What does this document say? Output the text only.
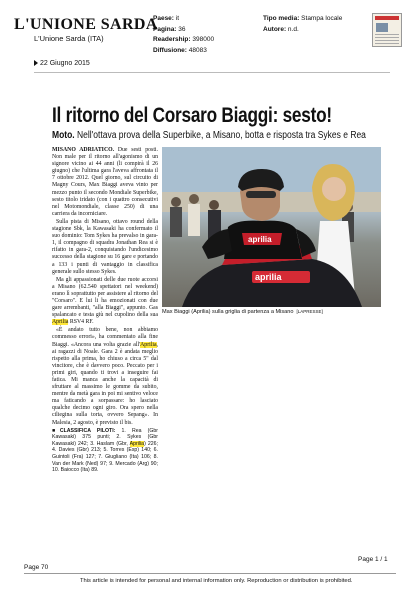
L'UNIONE SARDA
L'Unione Sarda (ITA)
Paese: it
Pagina: 36
Readership: 398000
Diffusione: 48083
Tipo media: Stampa locale
Autore: n.d.
22 Giugno 2015
Il ritorno del Corsaro Biaggi: sesto!
Moto. Nell'ottava prova della Superbike, a Misano, botta e risposta tra Sykes e Rea

MISANO ADRIATICO. Due sesti posti. Non male per il ritorno all'agonismo di un signore vicino ai 44 anni (li compirà il 26 giugno) che l'ultima gara l'aveva affrontata il 7 ottobre 2012. Quel giorno, sul circuito di Magny Cours, Max Biaggi aveva vinto per mezzo punto il secondo Mondiale Superbike, sesto titolo iridato (con i quattro consecutivi nel Motomondiale, classe 250) di una carriera da incorniciare.

Sulla pista di Misano, ottavo round della stagione Sbk, la Kawasaki ha confermato il suo dominio: Tom Sykes ha prevalso in gara-1, il compagno di squadra Jonathan Rea si è rifatto in gara-2, conquistando l'undicesimo successo della stagione su 16 gare e portando a 133 i punti di vantaggio in classifica generale sullo stesso Sykes.

Ma gli appassionati delle due ruote accorsi a Misano (62.540 spettatori nel weekend) erano lì soprattutto per assistere al ritorno del "Corsaro". E lui li ha emozionati con due gare arrembanti, "alla Biaggi", appunto. Gas spalancato e testa giù nel cupolino della sua Aprilia RSV4 RF.

«È andato tutto bene, non abbiamo commesso errori», ha commentato alla fine Biaggi. «Ancora una volta grazie all'Aprilia, ai ragazzi di Noale. Gara 2 è andata meglio rispetto alla prima, ho chiuso a circa 5" dal vincitore, che è davvero poco. Peccato per i primi giri, quando ti trovi a inseguire fai fatica. Mi manca anche la capacità di sfruttare al massimo le gomme da subito, mentre da metà gara in poi mi sentivo veloce ma faticando a sorpassare: ho lasciato qualche decimo ogni giro. Ora spero nella ciliegina sulla torta, ovvero Sepang». In Malesia, 2 agosto, è previsto il bis.

■CLASSIFICA PILOTI: 1. Rea (Gbr Kawasaki) 375 punti; 2. Sykes (Gbr Kawasaki) 242; 3. Haslam (Gbr, Aprilia) 226; 4. Davies (Gbr) 213; 5. Torres (Esp) 140; 6. Guintoli (Fra) 127; 7. Giugliano (Ita) 106; 8. Van der Mark (Ned) 97; 9. Mercado (Arg) 90; 10. Baiocco (Ita) 89.

aprilia
aprilia
Max Biaggi (Aprilia) sulla griglia di partenza a Misano [LAPRESSE]
Page 1 / 1
Page 70
This article is intended for personal and internal information only. Reproduction or distribution is prohibited.
